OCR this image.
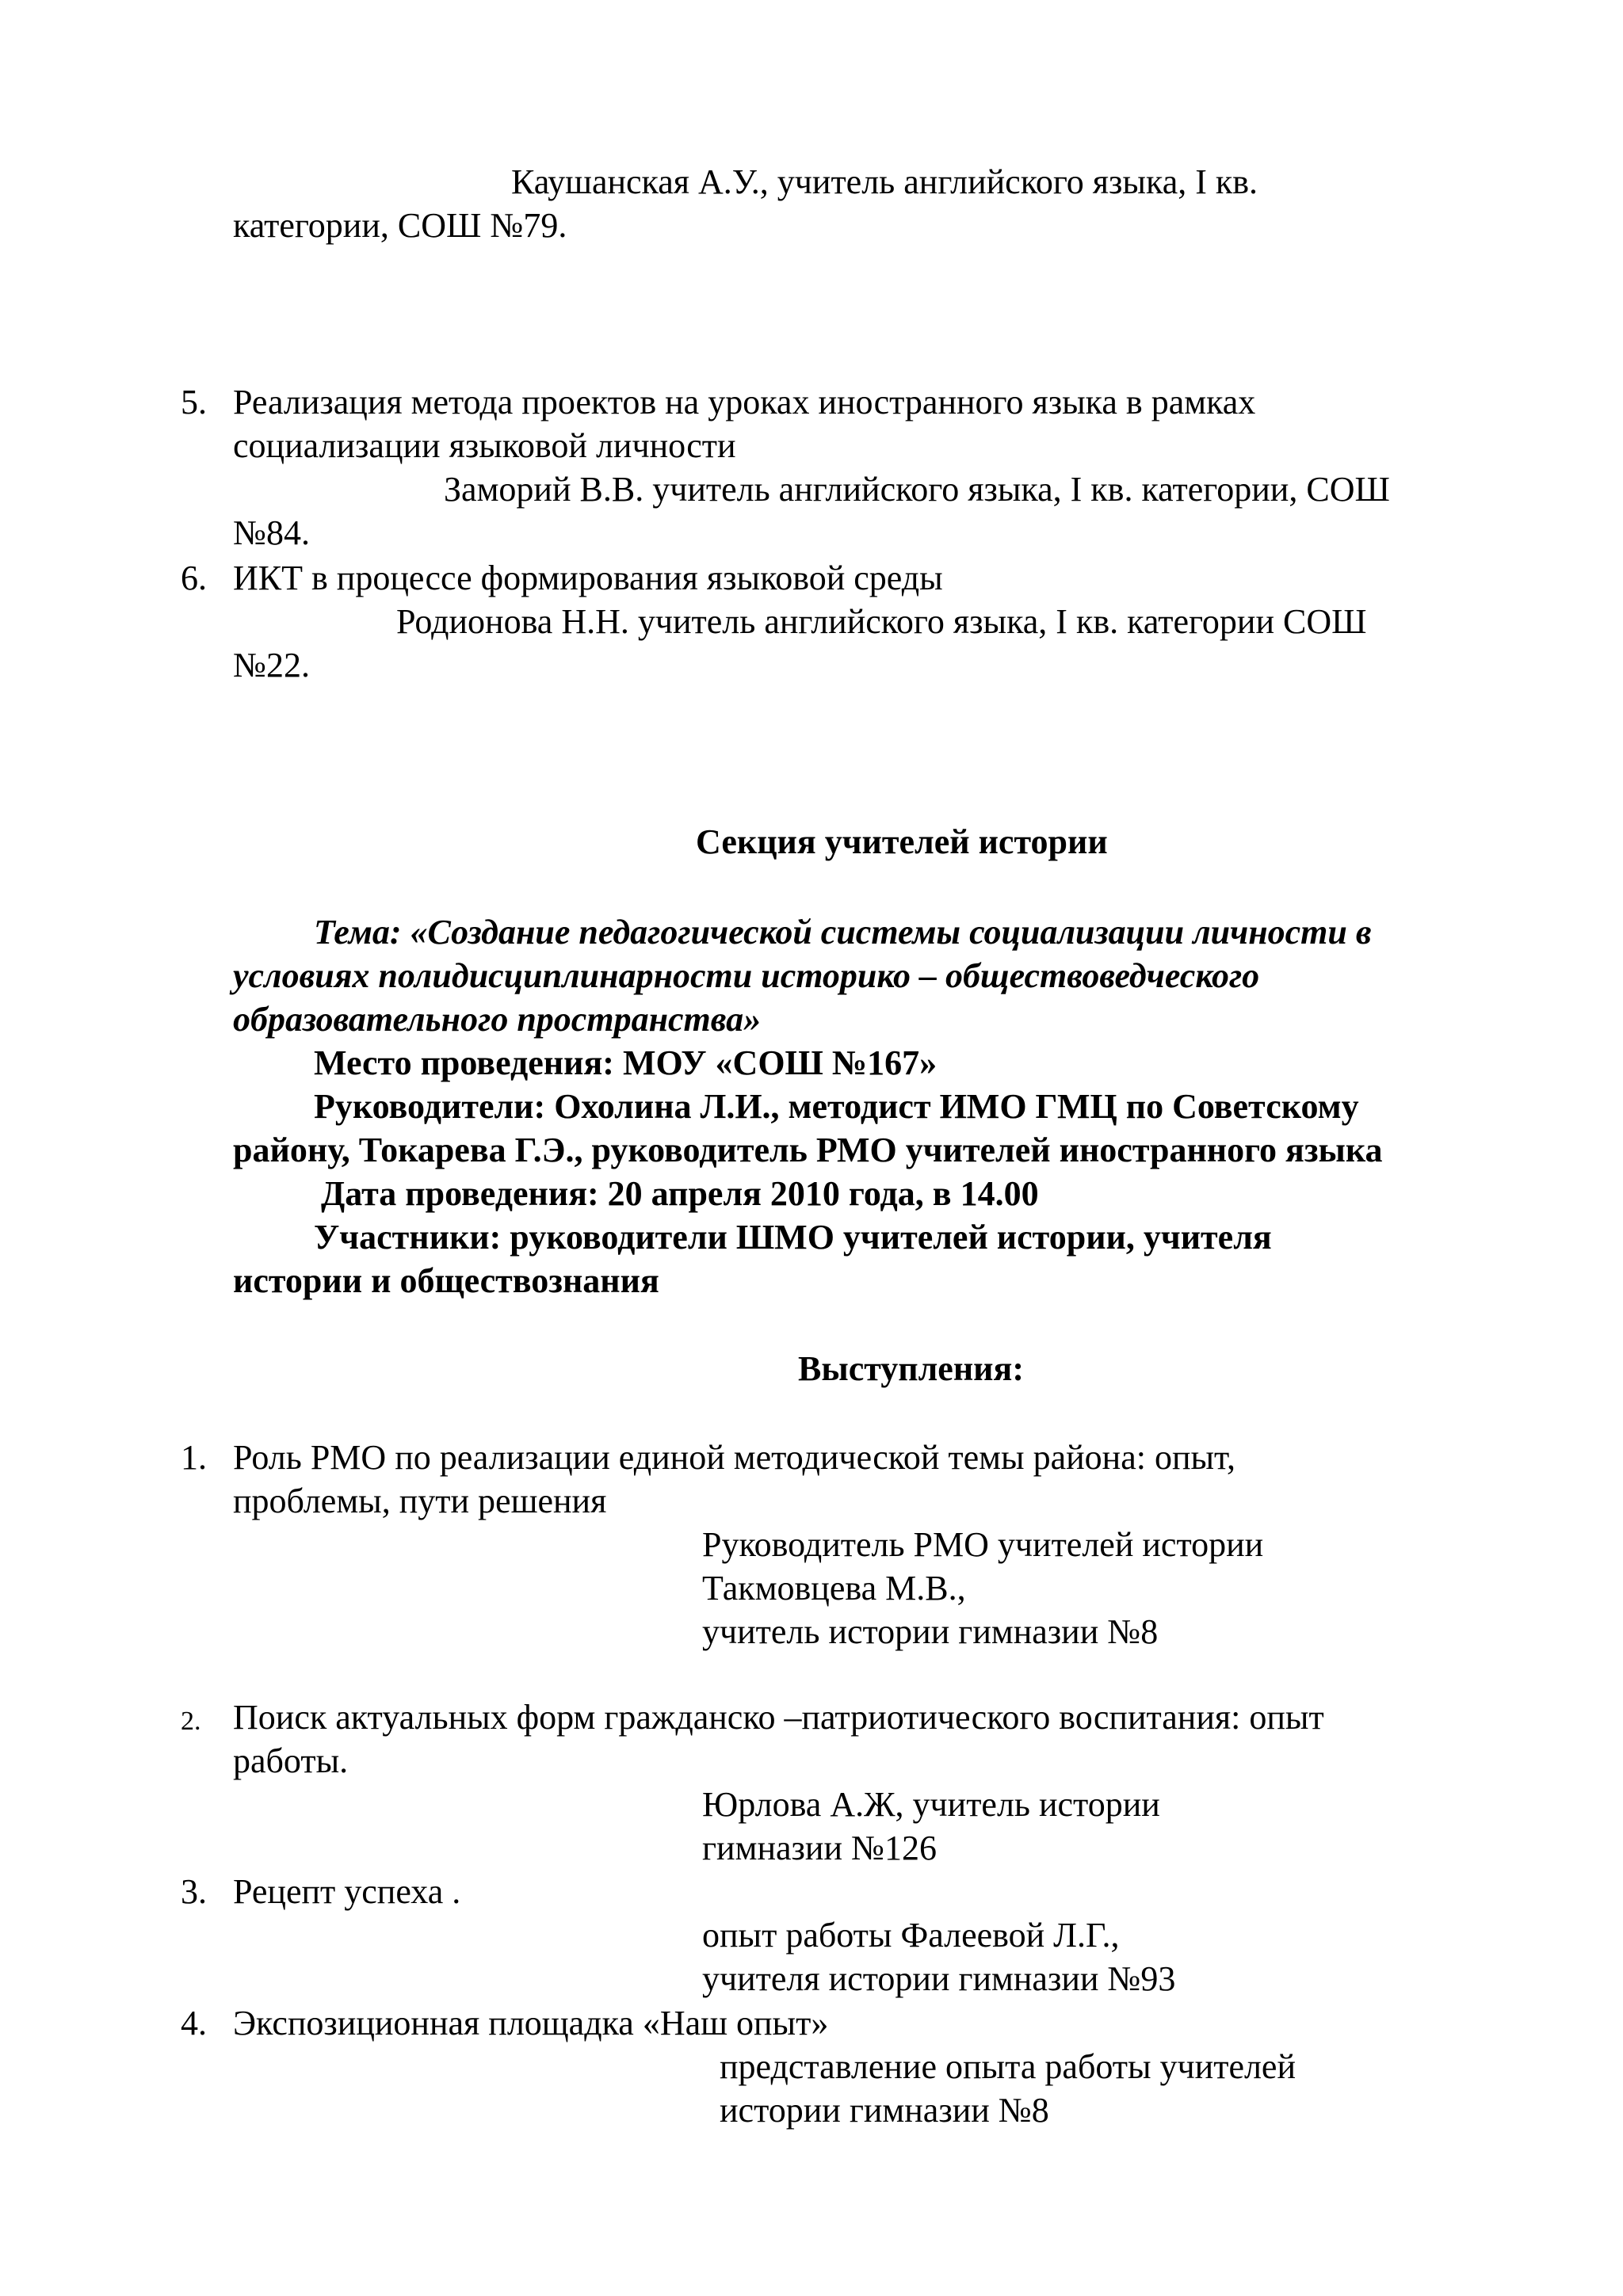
Каушанская А.У., учитель английского языка, I кв.
категории, СОШ №79.
5. Реализация метода проектов на уроках иностранного языка в рамках
социализации языковой личности
Заморий В.В. учитель английского языка, I кв. категории, СОШ
№84.
6. ИКТ в процессе формирования языковой среды
Родионова Н.Н. учитель английского языка, I кв. категории СОШ
№22.
Секция учителей истории
Тема: «Создание педагогической системы социализации личности в
условиях полидисциплинарности историко – обществоведческого
образовательного пространства»
Место проведения: МОУ «СОШ №167»
Руководители: Охолина Л.И., методист ИМО ГМЦ по Советскому
району, Токарева Г.Э., руководитель РМО учителей иностранного языка
Дата проведения: 20 апреля 2010 года, в 14.00
Участники: руководители ШМО учителей истории, учителя
истории и обществознания
Выступления:
1. Роль РМО по реализации единой методической темы района: опыт,
проблемы, пути решения
Руководитель РМО учителей истории
Такмовцева М.В.,
учитель истории гимназии №8
2. Поиск актуальных форм гражданско –патриотического воспитания: опыт
работы.
Юрлова А.Ж, учитель истории
гимназии №126
3. Рецепт успеха .
опыт работы Фалеевой Л.Г.,
учителя истории гимназии №93
4. Экспозиционная площадка «Наш опыт»
представление опыта работы учителей
истории гимназии №8
